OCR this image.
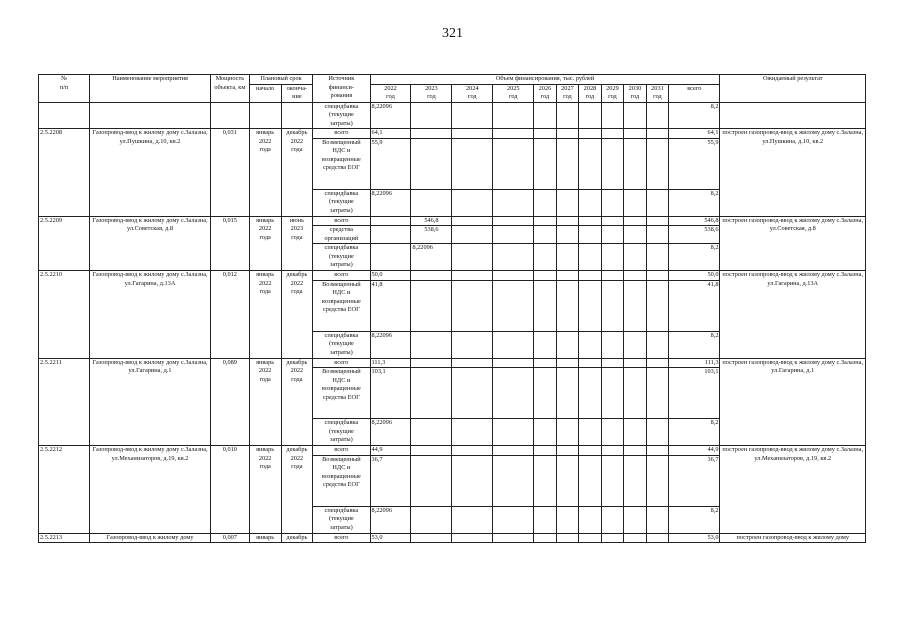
321
№
п/п	Наименование мероприятия	Мощность объекта, км	Плановый срок		Источник
финанси-
рования	Объем финансирования, тыс. рублей											Ожидаемый результат
			начало	оконча-
ние		2022
год	2023
год	2024
год	2025
год	2026
год	2027
год	2028
год	2029
год	2030
год	2031
год	всего	
					спецндбавка
(текущие
затраты)	8,22096										8,2	
2.5.2208	Газопровод-ввод к жилому дому с.Залазна, ул.Пушкина, д.10, кв.2	0,031	январь
2022
года	декабрь
2022
года	всего	64,1										64,1	построен газопровод-ввод к жилому дому с.Залазна, ул.Пушкина, д.10, кв.2
					Возмещенный
НДС и
возвращенные
средства ЕОГ	55,9										55,9	
					спецндбавка
(текущие
затраты)	8,22096										8,2	
2.5.2209	Газопровод-ввод к жилому дому с.Залазна, ул.Советская, д.8	0,015	январь
2022
года	июнь
2023
года	всего		546,8									546,8	построен газопровод-ввод к жилому дому с.Залазна, ул.Советская, д.8
					средства
организаций		538,6									538,6	
					спецндбавка
(текущие
затраты)		8,22096									8,2	
2.5.2210	Газопровод-ввод к жилому дому с.Залазна, ул.Гагарина, д.13А	0,012	январь
2022
года	декабрь
2022
года	всего	50,0										50,0	построен газопровод-ввод к жилому дому с.Залазна, ул.Гагарина, д.13А
					Возмещенный
НДС и
возвращенные
средства ЕОГ	41,8										41,8	
					спецндбавка
(текущие
затраты)	8,22096										8,2	
2.5.2211	Газопровод-ввод к жилому дому с.Залазна, ул.Гагарина, д.1	0,089	январь
2022
года	декабрь
2022
года	всего	111,3										111,3	построен газопровод-ввод к жилому дому с.Залазна, ул.Гагарина, д.1
					Возмещенный
НДС и
возвращенные
средства ЕОГ	103,1										103,1	
					спецндбавка
(текущие
затраты)	8,22096										8,2	
2.5.2212	Газопровод-ввод к жилому дому с.Залазна, ул.Механизаторов, д.19, кв.2	0,010	январь
2022
года	декабрь
2022
года	всего	44,9										44,9	построен газопровод-ввод к жилому дому с.Залазна, ул.Механизаторов, д.19, кв.2
					Возмещенный
НДС и
возвращенные
средства ЕОГ	36,7										36,7	
					спецндбавка
(текущие
затраты)	8,22096										8,2	
2.5.2213	Газопровод-ввод к жилому дому	0,007	январь	декабрь	всего	53,0										53,0	построен газопровод-ввод к жилому дому
